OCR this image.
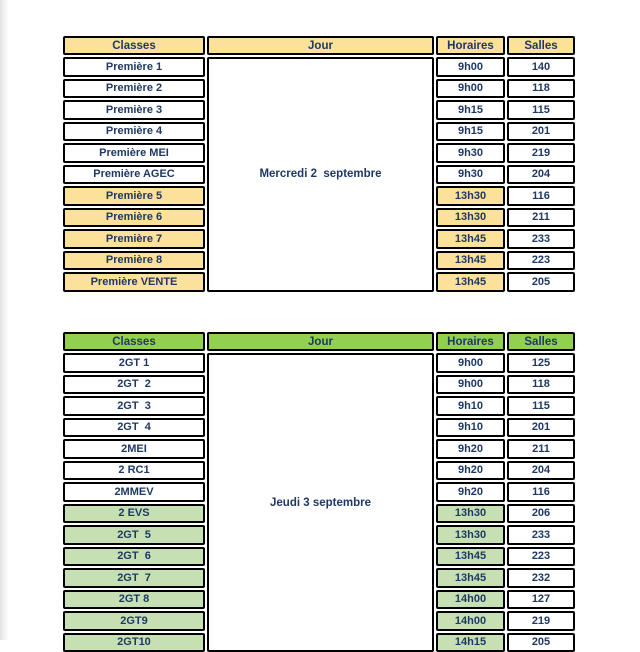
Classes	Jour	Horaires	Salles
Mercredi 2  septembre
Première 1	9h00	140
Première 2	9h00	118
Première 3	9h15	115
Première 4	9h15	201
Première MEI	9h30	219
Première AGEC	9h30	204
Première 5	13h30	116
Première 6	13h30	211
Première 7	13h45	233
Première 8	13h45	223
Première VENTE	13h45	205
Classes	Jour	Horaires	Salles
Jeudi 3 septembre
2GT 1	9h00	125
2GT  2	9h00	118
2GT  3	9h10	115
2GT  4	9h10	201
2MEI	9h20	211
2 RC1	9h20	204
2MMEV	9h20	116
2 EVS	13h30	206
2GT  5	13h30	233
2GT  6	13h45	223
2GT  7	13h45	232
2GT 8	14h00	127
2GT9	14h00	219
2GT10	14h15	205
